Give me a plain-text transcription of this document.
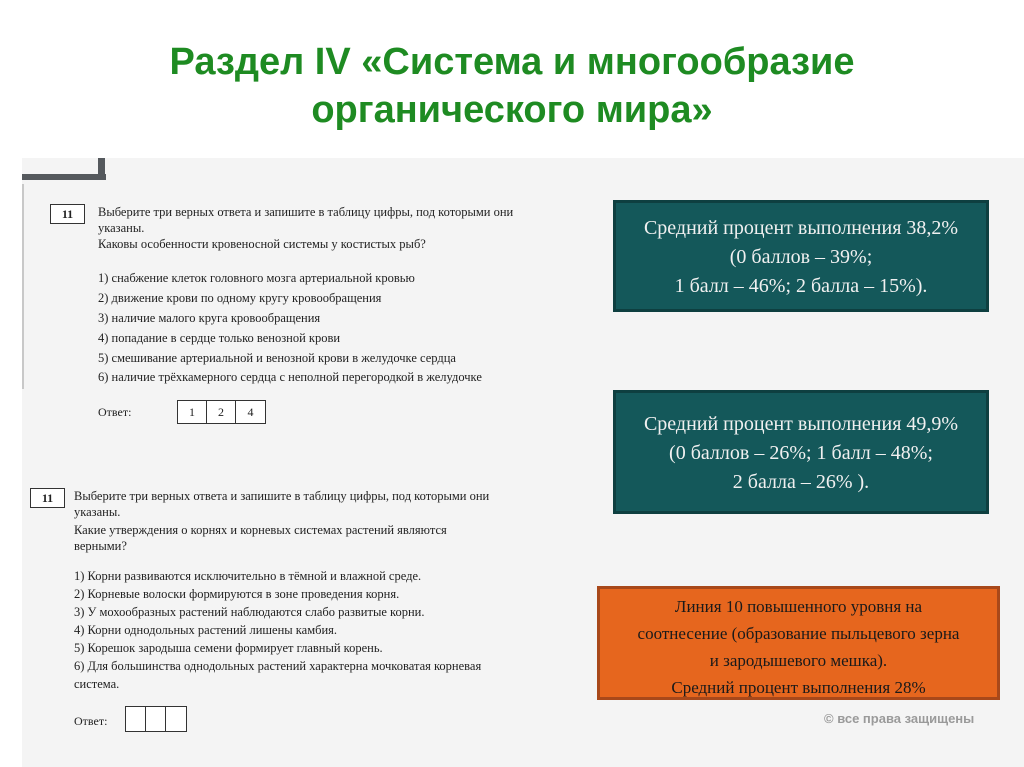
Раздел IV «Система и многообразие
органического мира»
11	Выберите три верных ответа и запишите в таблицу цифры, под которыми они
указаны.
Каковы особенности кровеносной системы у костистых рыб?
1) снабжение клеток головного мозга артериальной кровью
2) движение крови по одному кругу кровообращения
3) наличие малого круга кровообращения
4) попадание в сердце только венозной крови
5) смешивание артериальной и венозной крови в желудочке сердца
6) наличие трёхкамерного сердца с неполной перегородкой в желудочке
Ответ:	1	2	4
11	Выберите три верных ответа и запишите в таблицу цифры, под которыми они
указаны.
Какие утверждения о корнях и корневых системах растений являются
верными?
1) Корни развиваются исключительно в тёмной и влажной среде.
2) Корневые волоски формируются в зоне проведения корня.
3) У мохообразных растений наблюдаются слабо развитые корни.
4) Корни однодольных растений лишены камбия.
5) Корешок зародыша семени формирует главный корень.
6) Для большинства однодольных растений характерна мочковатая корневая
система.
Ответ:
Средний процент выполнения 38,2%
(0 баллов – 39%;
1 балл – 46%; 2 балла – 15%).
Средний процент выполнения 49,9%
(0 баллов – 26%; 1 балл – 48%;
2 балла – 26% ).
Линия 10 повышенного уровня на
соотнесение (образование пыльцевого зерна
и зародышевого мешка).
Средний процент выполнения 28%
© все права защищены
